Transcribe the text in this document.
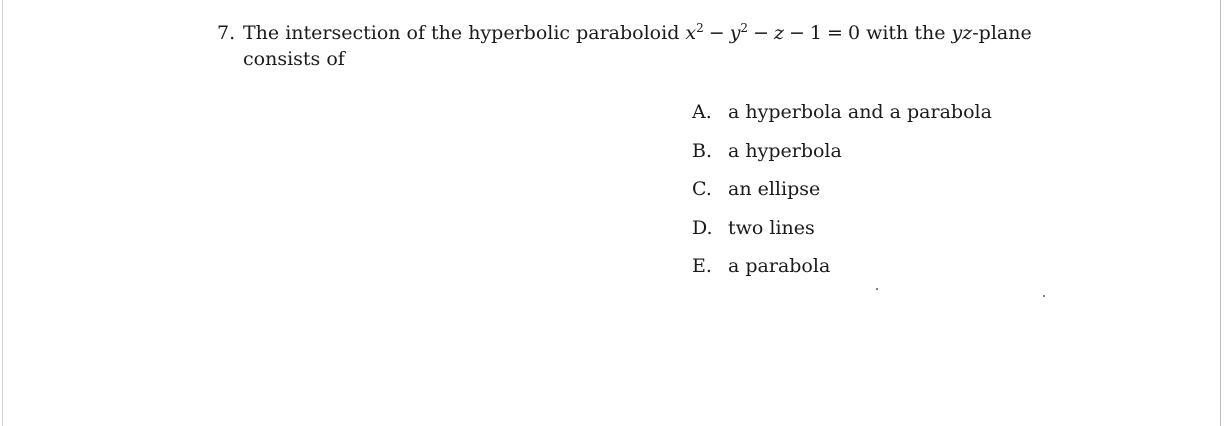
7. The intersection of the hyperbolic paraboloid $x^2 - y^2 - z - 1 = 0$ with the yz-plane
consists of
A. a hyperbola and a parabola
B. a hyperbola
C. an ellipse
D. two lines
E. a parabola
